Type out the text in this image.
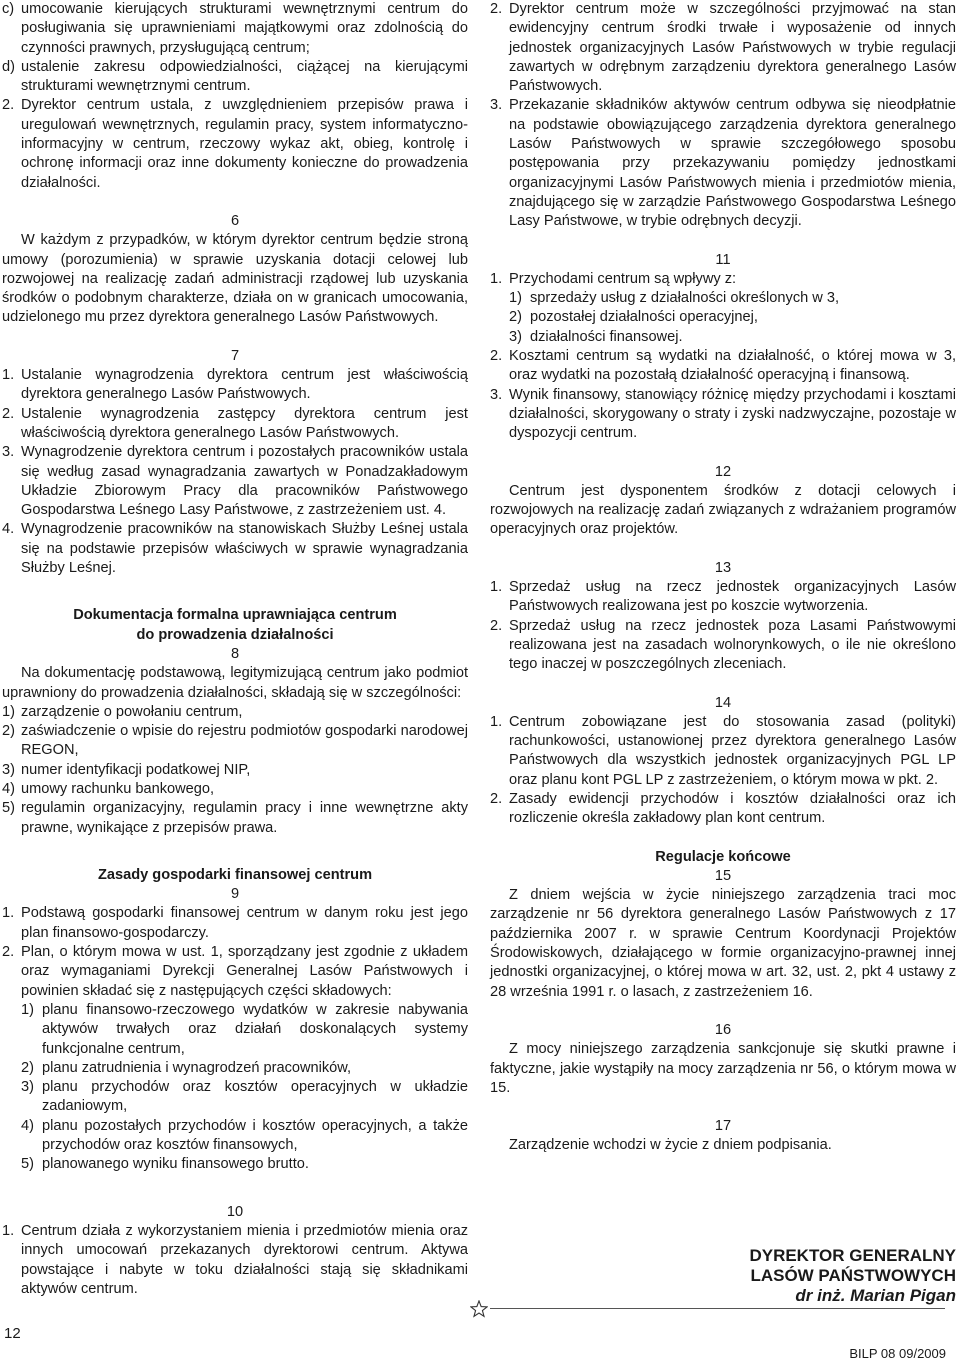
c) umocowanie kierujących strukturami wewnętrznymi centrum do posługiwania się uprawnieniami majątkowymi oraz zdolnością do czynności prawnych, przysługującą centrum;
d) ustalenie zakresu odpowiedzialności, ciążącej na kierującymi strukturami wewnętrznymi centrum.
2. Dyrektor centrum ustala, z uwzględnieniem przepisów prawa i uregulowań wewnętrznych, regulamin pracy, system informatyczno-informacyjny w centrum, rzeczowy wykaz akt, obieg, kontrolę i ochronę informacji oraz inne dokumenty konieczne do prowadzenia działalności.

6

W każdym z przypadków, w którym dyrektor centrum będzie stroną umowy (porozumienia) w sprawie uzyskania dotacji celowej lub rozwojowej na realizację zadań administracji rządowej lub uzyskania środków o podobnym charakterze, działa on w granicach umocowania, udzielonego mu przez dyrektora generalnego Lasów Państwowych.

7

1. Ustalanie wynagrodzenia dyrektora centrum jest właściwością dyrektora generalnego Lasów Państwowych.
2. Ustalenie wynagrodzenia zastępcy dyrektora centrum jest właściwością dyrektora generalnego Lasów Państwowych.
3. Wynagrodzenie dyrektora centrum i pozostałych pracowników ustala się według zasad wynagradzania zawartych w Ponadzakładowym Układzie Zbiorowym Pracy dla pracowników Państwowego Gospodarstwa Leśnego Lasy Państwowe, z zastrzeżeniem ust. 4.
4. Wynagrodzenie pracowników na stanowiskach Służby Leśnej ustala się na podstawie przepisów właściwych w sprawie wynagradzania Służby Leśnej.

Dokumentacja formalna uprawniająca centrum

do prowadzenia działalności

8

Na dokumentację podstawową, legitymizującą centrum jako podmiot uprawniony do prowadzenia działalności, składają się w szczególności:

1) zarządzenie o powołaniu centrum,
2) zaświadczenie o wpisie do rejestru podmiotów gospodarki narodowej REGON,
3) numer identyfikacji podatkowej NIP,
4) umowy rachunku bankowego,
5) regulamin organizacyjny, regulamin pracy i inne wewnętrzne akty prawne, wynikające z przepisów prawa.

Zasady gospodarki finansowej centrum

9

1. Podstawą gospodarki finansowej centrum w danym roku jest jego plan finansowo-gospodarczy.
2. Plan, o którym mowa w ust. 1, sporządzany jest zgodnie z układem oraz wymaganiami Dyrekcji Generalnej Lasów Państwowych i powinien składać się z następujących części składowych:
1) planu finansowo-rzeczowego wydatków w zakresie nabywania aktywów trwałych oraz działań doskonalących systemy funkcjonalne centrum,
2) planu zatrudnienia i wynagrodzeń pracowników,
3) planu przychodów oraz kosztów operacyjnych w układzie zadaniowym,
4) planu pozostałych przychodów i kosztów operacyjnych, a także przychodów oraz kosztów finansowych,
5) planowanego wyniku finansowego brutto.

10

1. Centrum działa z wykorzystaniem mienia i przedmiotów mienia oraz innych umocowań przekazanych dyrektorowi centrum. Aktywa powstające i nabyte w toku działalności stają się składnikami aktywów centrum.
2. Dyrektor centrum może w szczególności przyjmować na stan ewidencyjny centrum środki trwałe i wyposażenie od innych jednostek organizacyjnych Lasów Państwowych w trybie regulacji zawartych w odrębnym zarządzeniu dyrektora generalnego Lasów Państwowych.
3. Przekazanie składników aktywów centrum odbywa się nieodpłatnie na podstawie obowiązującego zarządzenia dyrektora generalnego Lasów Państwowych w sprawie szczegółowego sposobu postępowania przy przekazywaniu pomiędzy jednostkami organizacyjnymi Lasów Państwowych mienia i przedmiotów mienia, znajdującego się w zarządzie Państwowego Gospodarstwa Leśnego Lasy Państwowe, w trybie odrębnych decyzji.

11

1. Przychodami centrum są wpływy z:
1) sprzedaży usług z działalności określonych w 3,
2) pozostałej działalności operacyjnej,
3) działalności finansowej.
2. Kosztami centrum są wydatki na działalność, o której mowa w 3, oraz wydatki na pozostałą działalność operacyjną i finansową.
3. Wynik finansowy, stanowiący różnicę między przychodami i kosztami działalności, skorygowany o straty i zyski nadzwyczajne, pozostaje w dyspozycji centrum.

12

Centrum jest dysponentem środków z dotacji celowych i rozwojowych na realizację zadań związanych z wdrażaniem programów operacyjnych oraz projektów.

13

1. Sprzedaż usług na rzecz jednostek organizacyjnych Lasów Państwowych realizowana jest po koszcie wytworzenia.
2. Sprzedaż usług na rzecz jednostek poza Lasami Państwowymi realizowana jest na zasadach wolnorynkowych, o ile nie określono tego inaczej w poszczególnych zleceniach.

14

1. Centrum zobowiązane jest do stosowania zasad (polityki) rachunkowości, ustanowionej przez dyrektora generalnego Lasów Państwowych dla wszystkich jednostek organizacyjnych PGL LP oraz planu kont PGL LP z zastrzeżeniem, o którym mowa w pkt. 2.
2. Zasady ewidencji przychodów i kosztów działalności oraz ich rozliczenie określa zakładowy plan kont centrum.

Regulacje końcowe

15

Z dniem wejścia w życie niniejszego zarządzenia traci moc zarządzenie nr 56 dyrektora generalnego Lasów Państwowych z 17 października 2007 r. w sprawie Centrum Koordynacji Projektów Środowiskowych, działającego w formie organizacyjno-prawnej innej jednostki organizacyjnej, o której mowa w art. 32, ust. 2, pkt 4 ustawy z 28 września 1991 r. o lasach, z zastrzeżeniem 16.

16

Z mocy niniejszego zarządzenia sankcjonuje się skutki prawne i faktyczne, jakie wystąpiły na mocy zarządzenia nr 56, o którym mowa w 15.

17

Zarządzenie wchodzi w życie z dniem podpisania.

DYREKTOR GENERALNY
LASÓW PAŃSTWOWYCH
dr inż. Marian Pigan
12
BILP 08 09/2009
